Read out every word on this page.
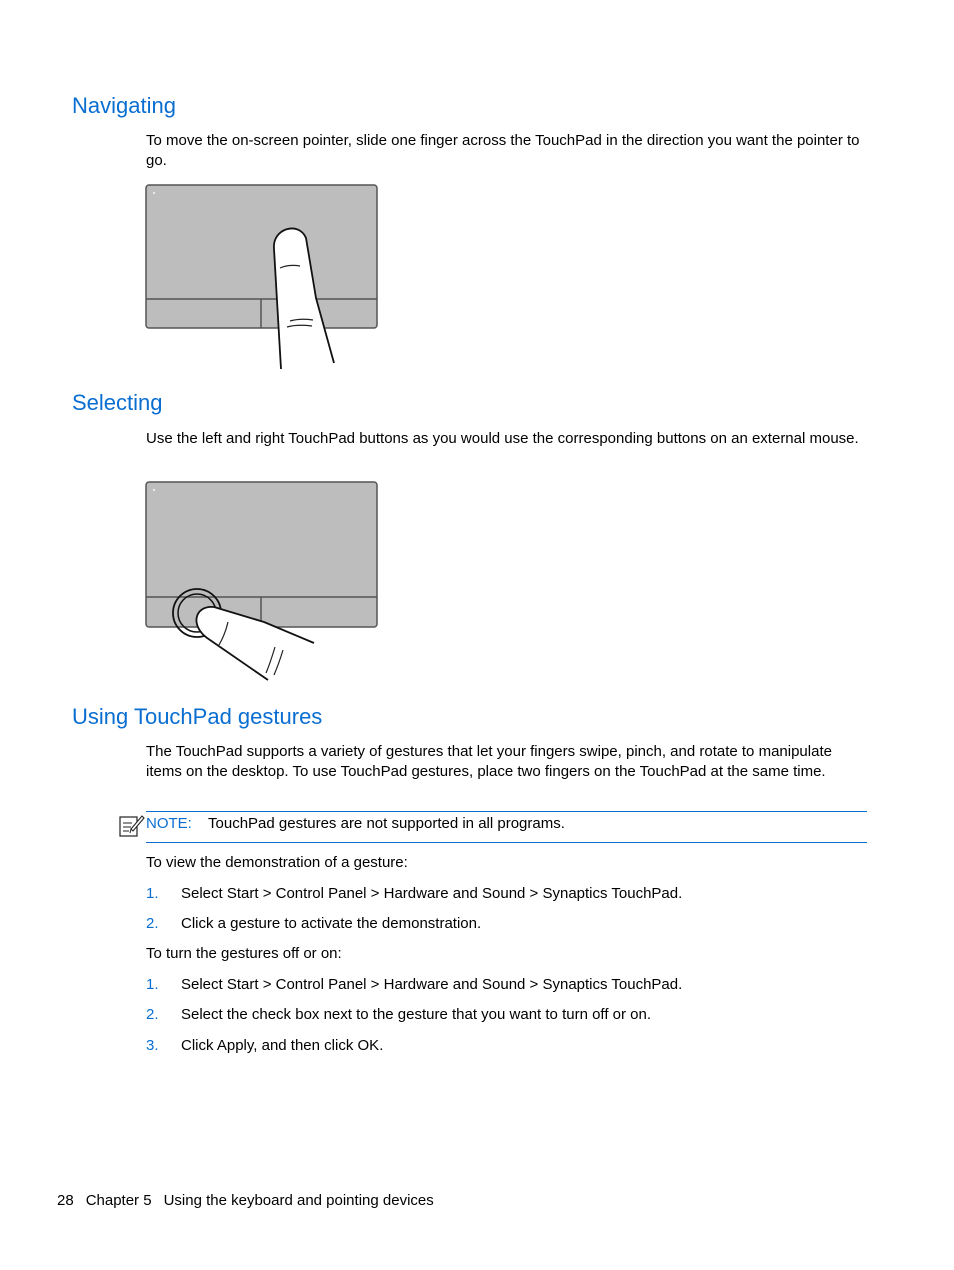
Navigating

To move the on-screen pointer, slide one finger across the TouchPad in the direction you want the pointer to go.

Selecting

Use the left and right TouchPad buttons as you would use the corresponding buttons on an external mouse.

Using TouchPad gestures

The TouchPad supports a variety of gestures that let your fingers swipe, pinch, and rotate to manipulate items on the desktop. To use TouchPad gestures, place two fingers on the TouchPad at the same time.

NOTE: TouchPad gestures are not supported in all programs.

To view the demonstration of a gesture:

1. Select Start > Control Panel > Hardware and Sound > Synaptics TouchPad.
2. Click a gesture to activate the demonstration.

To turn the gestures off or on:

1. Select Start > Control Panel > Hardware and Sound > Synaptics TouchPad.
2. Select the check box next to the gesture that you want to turn off or on.
3. Click Apply, and then click OK.
28 Chapter 5 Using the keyboard and pointing devices
